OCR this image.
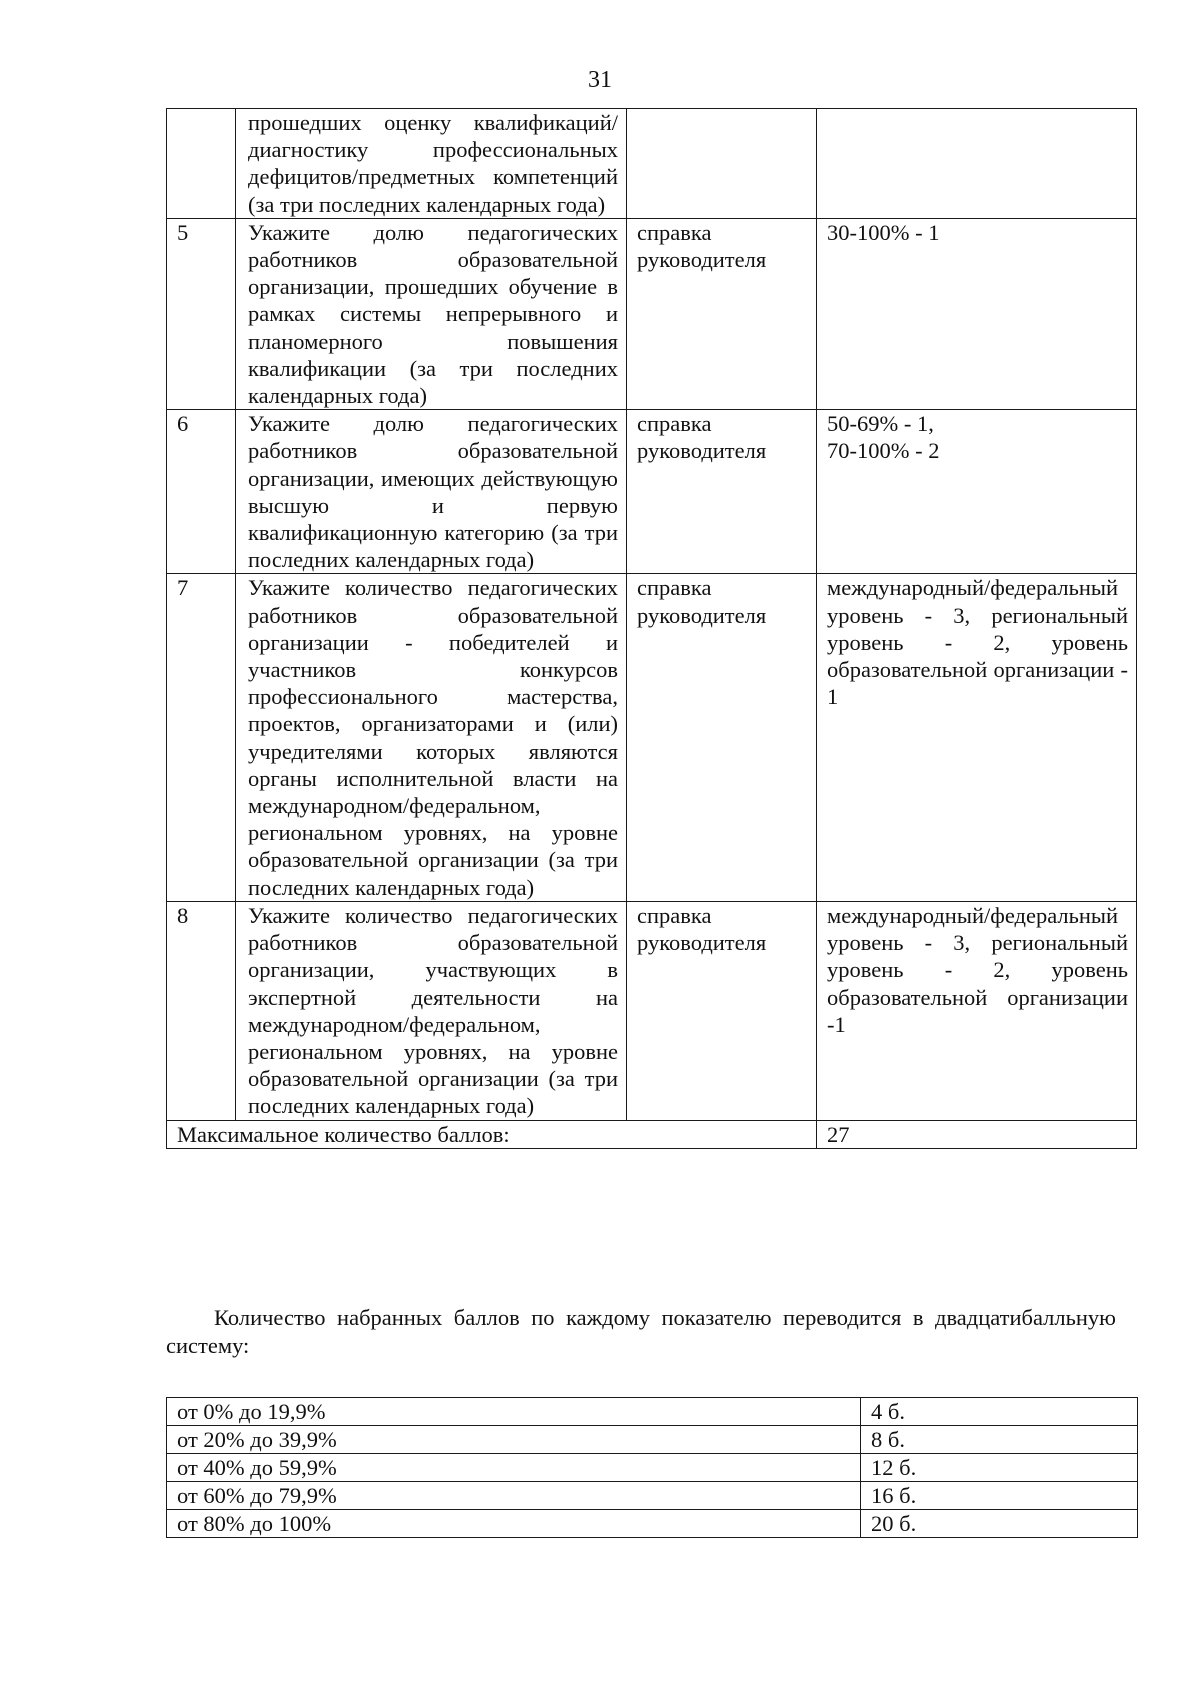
31
	прошедших оценку квалификаций/диагностику профессиональных дефицитов/предметных компетенций (за три последних календарных года)		
5	Укажите долю педагогических работников образовательной организации, прошедших обучение в рамках системы непрерывного и планомерного повышения квалификации (за три последних календарных года)	справка руководителя	30-100% - 1
6	Укажите долю педагогических работников образовательной организации, имеющих действующую высшую и первую квалификационную категорию (за три последних календарных года)	справка руководителя	50-69% - 1,
70-100% - 2
7	Укажите количество педагогических работников образовательной организации - победителей и участников конкурсов профессионального мастерства, проектов, организаторами и (или) учредителями которых являются органы исполнительной власти на международном/федеральном, региональном уровнях, на уровне образовательной организации (за три последних календарных года)	справка руководителя	международный/федеральный уровень - 3, региональный уровень - 2, уровень образовательной организации - 1
8	Укажите количество педагогических работников образовательной организации, участвующих в экспертной деятельности на международном/федеральном, региональном уровнях, на уровне образовательной организации (за три последних календарных года)	справка руководителя	международный/федеральный уровень - 3, региональный уровень - 2, уровень образовательной организации -1
Максимальное количество баллов:			27

Количество набранных баллов по каждому показателю переводится в двадцатибалльную систему:

от 0% до 19,9%	4 б.
от 20% до 39,9%	8 б.
от 40% до 59,9%	12 б.
от 60% до 79,9%	16 б.
от 80% до 100%	20 б.
